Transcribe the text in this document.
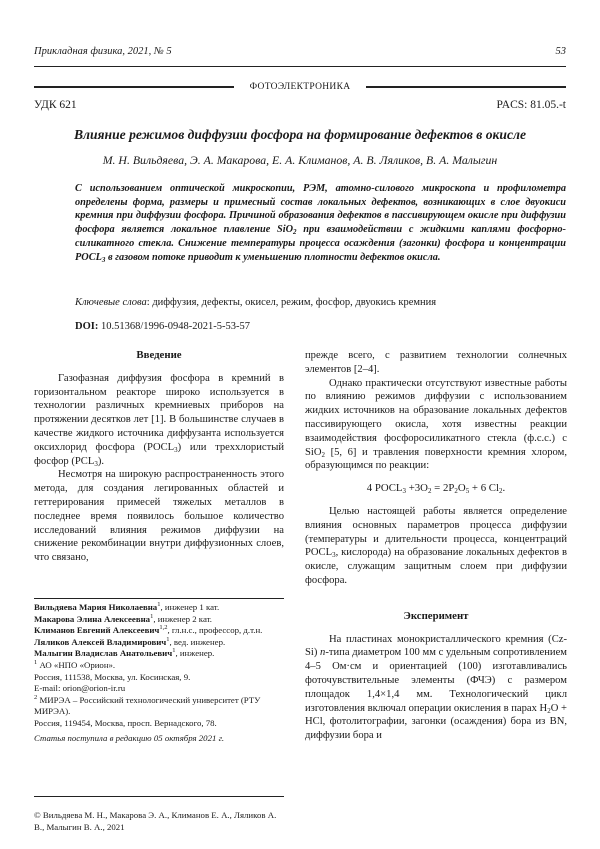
Прикладная физика, 2021, № 5	53
ФОТОЭЛЕКТРОНИКА
УДК 621	PACS: 81.05.-t
Влияние режимов диффузии фосфора на формирование дефектов в окисле
М. Н. Вильдяева, Э. А. Макарова, Е. А. Климанов, А. В. Ляликов, В. А. Малыгин
С использованием оптической микроскопии, РЭМ, атомно-силового микроскопа и профилометра определены форма, размеры и примесный состав локальных дефектов, возникающих в слое двуокиси кремния при диффузии фосфора. Причиной образования дефектов в пассивирующем окисле при диффузии фосфора является локальное плавление SiO$_2$ при взаимодействии с жидкими каплями фосфорно-силикатного стекла. Снижение температуры процесса осаждения (загонки) фосфора и концентрации $POCL_3$ в газовом потоке приводит к уменьшению плотности дефектов окисла.
Ключевые слова: диффузия, дефекты, окисел, режим, фосфор, двуокись кремния
DOI: 10.51368/1996-0948-2021-5-53-57
Введение

Газофазная диффузия фосфора в кремний в горизонтальном реакторе широко используется в технологии различных кремниевых приборов на протяжении десятков лет [1]. В большинстве случаев в качестве жидкого источника диффузанта используется оксихлорид фосфора $(POCL_3)$ или треххлористый фосфор $(PCL_3)$.

Несмотря на широкую распространенность этого метода, для создания легированных областей и геттерирования примесей тяжелых металлов в последнее время появилось большое количество исследований влияния режимов диффузии на снижение рекомбинации внутри диффузионных слоев, что связано,

Вильдяева Мария Николаевна$^1$, инженер 1 кат.
Макарова Элина Алексеевна$^1$, инженер 2 кат.
Климанов Евгений Алексеевич$^{1,2}$, гл.н.с., профессор, д.т.н.
Ляликов Алексей Владимирович$^1$, вед. инженер.
Малыгин Владислав Анатольевич$^1$, инженер.
$^1$ АО «НПО «Орион».
Россия, 111538, Москва, ул. Косинская, 9.
E-mail: orion@orion-ir.ru
$^2$ МИРЭА – Российский технологический университет (РТУ МИРЭА).
Россия, 119454, Москва, просп. Вернадского, 78.
Статья поступила в редакцию 05 октября 2021 г.
© Вильдяева М. Н., Макарова Э. А., Климанов Е. А., Ляликов А. В., Малыгин В. А., 2021

прежде всего, с развитием технологии солнечных элементов [2–4].

Однако практически отсутствуют известные работы по влиянию режимов диффузии с использованием жидких источников на образование локальных дефектов пассивирующего окисла, хотя известны реакции взаимодействия фосфоросиликатного стекла (ф.с.с.) с SiO$_2$ [5, 6] и травления поверхности кремния хлором, образующимся по реакции:

4 $POCL_3 +3O_2 = 2P_2O_5 + 6$ $Cl_2$.

Целью настоящей работы является определение влияния основных параметров процесса диффузии (температуры и длительности процесса, концентраций $POCL_3$, кислорода) на образование локальных дефектов в окисле, служащим защитным слоем при диффузии фосфора.

Эксперимент

На пластинах монокристаллического кремния (Cz-Si) n-типа диаметром 100 мм с удельным сопротивлением 4–5 Ом·см и ориентацией (100) изготавливались фоточувствительные элементы (ФЧЭ) с размером площадок 1,4×1,4 мм. Технологический цикл изготовления включал операции окисления в парах $H_2O$ + HCl, фотолитографии, загонки (осаждения) бора из BN, диффузии бора и
